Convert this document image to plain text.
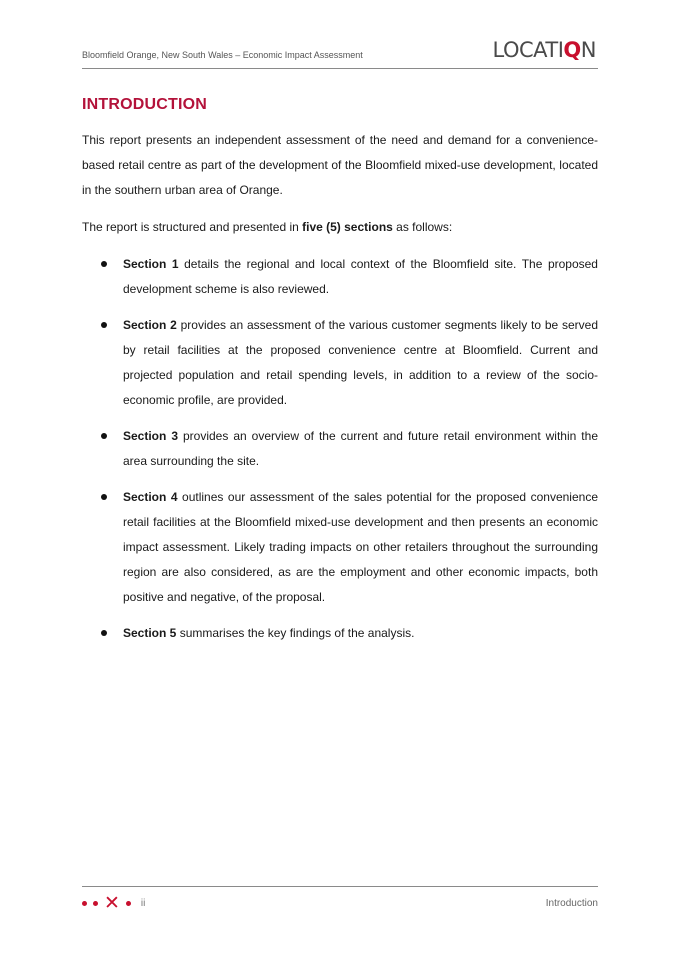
Bloomfield Orange, New South Wales – Economic Impact Assessment	LOCATIQN
INTRODUCTION

This report presents an independent assessment of the need and demand for a convenience-based retail centre as part of the development of the Bloomfield mixed-use development, located in the southern urban area of Orange.

The report is structured and presented in five (5) sections as follows:

Section 1 details the regional and local context of the Bloomfield site. The proposed development scheme is also reviewed.
Section 2 provides an assessment of the various customer segments likely to be served by retail facilities at the proposed convenience centre at Bloomfield. Current and projected population and retail spending levels, in addition to a review of the socio-economic profile, are provided.
Section 3 provides an overview of the current and future retail environment within the area surrounding the site.
Section 4 outlines our assessment of the sales potential for the proposed convenience retail facilities at the Bloomfield mixed-use development and then presents an economic impact assessment. Likely trading impacts on other retailers throughout the surrounding region are also considered, as are the employment and other economic impacts, both positive and negative, of the proposal.
Section 5 summarises the key findings of the analysis.
✕ ii	Introduction
